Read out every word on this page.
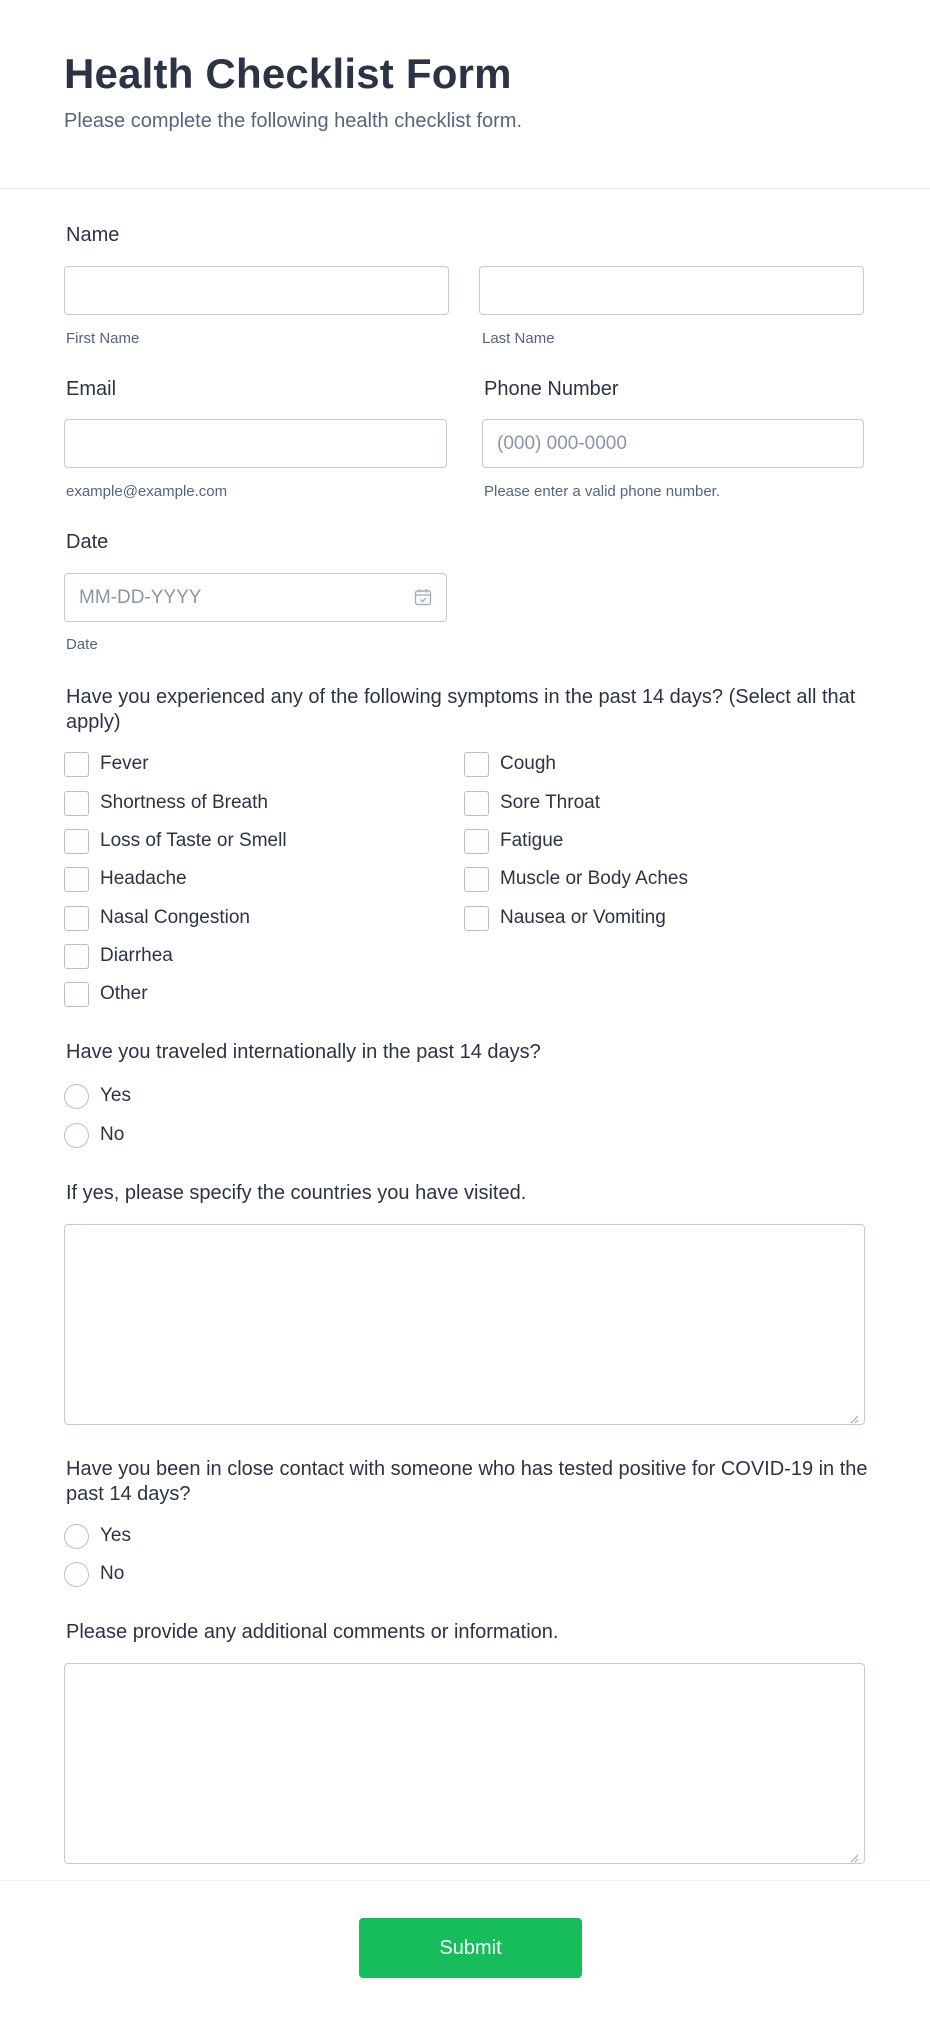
Health Checklist Form
Please complete the following health checklist form.
Name
First Name	Last Name
Email
example@example.com
Phone Number
(000) 000-0000
Please enter a valid phone number.
Date
MM-DD-YYYY
Date
Have you experienced any of the following symptoms in the past 14 days? (Select all that apply)
Fever
Shortness of Breath
Loss of Taste or Smell
Headache
Nasal Congestion
Diarrhea
Other
Cough
Sore Throat
Fatigue
Muscle or Body Aches
Nausea or Vomiting
Have you traveled internationally in the past 14 days?
Yes
No
If yes, please specify the countries you have visited.
Have you been in close contact with someone who has tested positive for COVID-19 in the past 14 days?
Yes
No
Please provide any additional comments or information.
Submit
